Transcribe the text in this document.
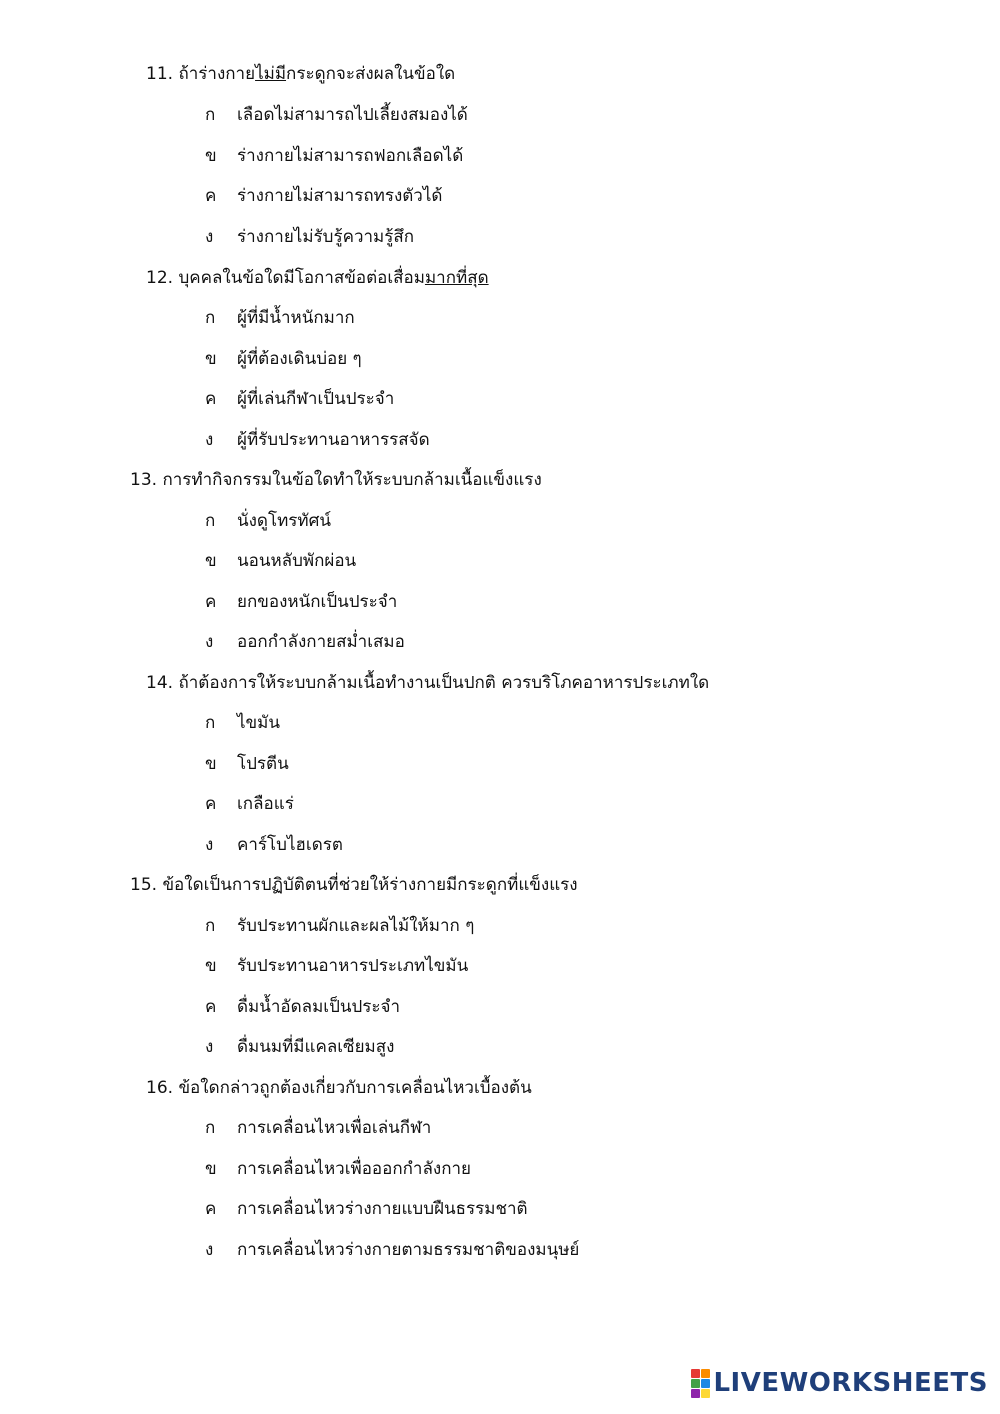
11. ถ้าร่างกายไม่มีกระดูกจะส่งผลในข้อใด
ก เลือดไม่สามารถไปเลี้ยงสมองได้
ข ร่างกายไม่สามารถฟอกเลือดได้
ค ร่างกายไม่สามารถทรงตัวได้
ง ร่างกายไม่รับรู้ความรู้สึก
12. บุคคลในข้อใดมีโอกาสข้อต่อเสื่อมมากที่สุด
ก ผู้ที่มีน้ำหนักมาก
ข ผู้ที่ต้องเดินบ่อย ๆ
ค ผู้ที่เล่นกีฬาเป็นประจำ
ง ผู้ที่รับประทานอาหารรสจัด
13. การทำกิจกรรมในข้อใดทำให้ระบบกล้ามเนื้อแข็งแรง
ก นั่งดูโทรทัศน์
ข นอนหลับพักผ่อน
ค ยกของหนักเป็นประจำ
ง ออกกำลังกายสม่ำเสมอ
14. ถ้าต้องการให้ระบบกล้ามเนื้อทำงานเป็นปกติ ควรบริโภคอาหารประเภทใด
ก ไขมัน
ข โปรตีน
ค เกลือแร่
ง คาร์โบไฮเดรต
15. ข้อใดเป็นการปฏิบัติตนที่ช่วยให้ร่างกายมีกระดูกที่แข็งแรง
ก รับประทานผักและผลไม้ให้มาก ๆ
ข รับประทานอาหารประเภทไขมัน
ค ดื่มน้ำอัดลมเป็นประจำ
ง ดื่มนมที่มีแคลเซียมสูง
16. ข้อใดกล่าวถูกต้องเกี่ยวกับการเคลื่อนไหวเบื้องต้น
ก การเคลื่อนไหวเพื่อเล่นกีฬา
ข การเคลื่อนไหวเพื่อออกกำลังกาย
ค การเคลื่อนไหวร่างกายแบบฝืนธรรมชาติ
ง การเคลื่อนไหวร่างกายตามธรรมชาติของมนุษย์
LIVEWORKSHEETS
